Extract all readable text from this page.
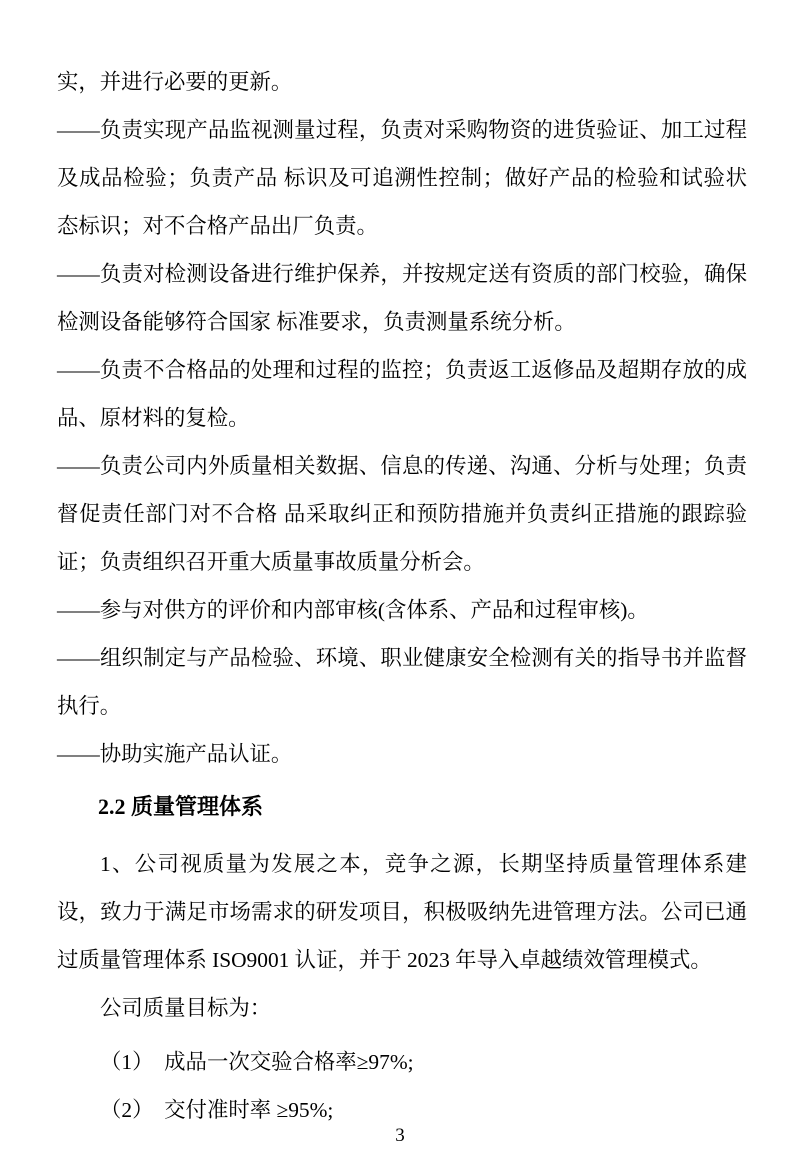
实，并进行必要的更新。
——负责实现产品监视测量过程，负责对采购物资的进货验证、加工过程
及成品检验；负责产品 标识及可追溯性控制；做好产品的检验和试验状
态标识；对不合格产品出厂负责。
——负责对检测设备进行维护保养，并按规定送有资质的部门校验，确保
检测设备能够符合国家 标准要求，负责测量系统分析。
——负责不合格品的处理和过程的监控；负责返工返修品及超期存放的成
品、原材料的复检。
——负责公司内外质量相关数据、信息的传递、沟通、分析与处理；负责
督促责任部门对不合格 品采取纠正和预防措施并负责纠正措施的跟踪验
证；负责组织召开重大质量事故质量分析会。
——参与对供方的评价和内部审核(含体系、产品和过程审核)。
——组织制定与产品检验、环境、职业健康安全检测有关的指导书并监督
执行。
——协助实施产品认证。
2.2 质量管理体系
1、公司视质量为发展之本，竞争之源，长期坚持质量管理体系建
设，致力于满足市场需求的研发项目，积极吸纳先进管理方法。公司已通
过质量管理体系 ISO9001 认证，并于 2023 年导入卓越绩效管理模式。
公司质量目标为：
（1）　成品一次交验合格率≥97%;
（2）　交付准时率 ≥95%;
3
